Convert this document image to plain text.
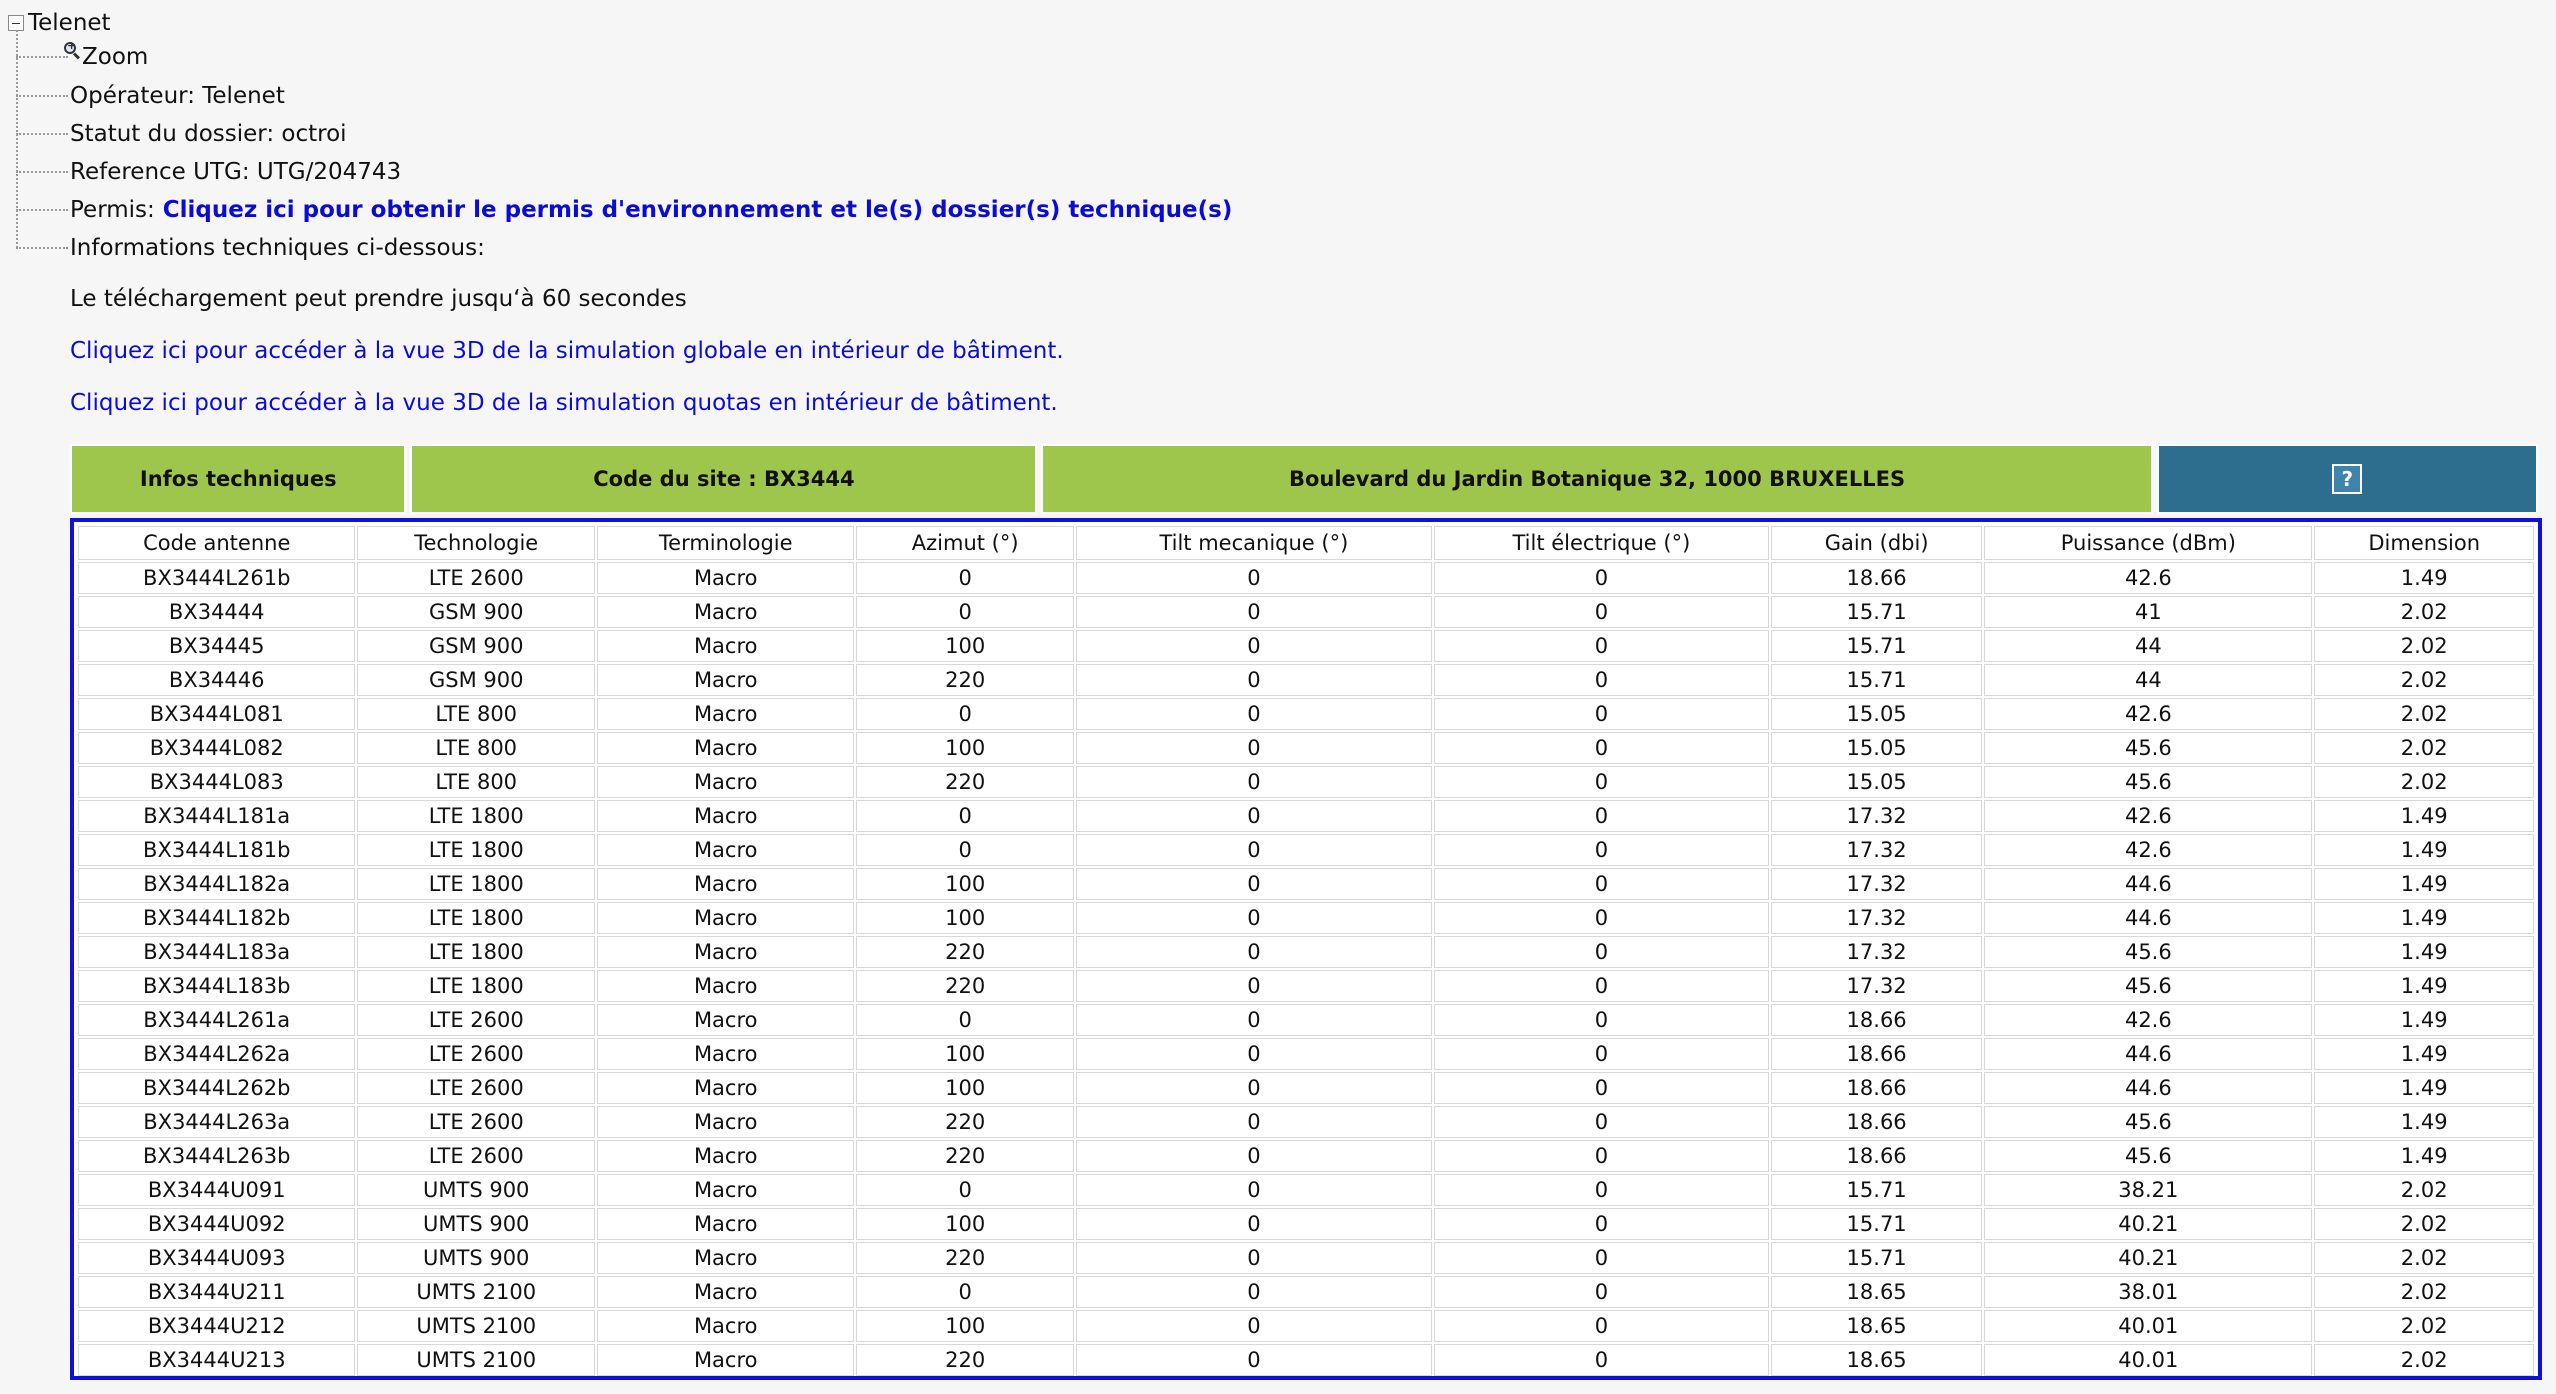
Telenet
+ Zoom
Opérateur: Telenet
Statut du dossier: octroi
Reference UTG: UTG/204743
Permis: Cliquez ici pour obtenir le permis d'environnement et le(s) dossier(s) technique(s)
Informations techniques ci-dessous:
Le téléchargement peut prendre jusqu‘à 60 secondes
Cliquez ici pour accéder à la vue 3D de la simulation globale en intérieur de bâtiment.
Cliquez ici pour accéder à la vue 3D de la simulation quotas en intérieur de bâtiment.
Infos techniques	Code du site : BX3444	Boulevard du Jardin Botanique 32, 1000 BRUXELLES	?
Code antenne	Technologie	Terminologie	Azimut (°)	Tilt mecanique (°)	Tilt électrique (°)	Gain (dbi)	Puissance (dBm)	Dimension
BX3444L261b	LTE 2600	Macro	0	0	0	18.66	42.6	1.49
BX34444	GSM 900	Macro	0	0	0	15.71	41	2.02
BX34445	GSM 900	Macro	100	0	0	15.71	44	2.02
BX34446	GSM 900	Macro	220	0	0	15.71	44	2.02
BX3444L081	LTE 800	Macro	0	0	0	15.05	42.6	2.02
BX3444L082	LTE 800	Macro	100	0	0	15.05	45.6	2.02
BX3444L083	LTE 800	Macro	220	0	0	15.05	45.6	2.02
BX3444L181a	LTE 1800	Macro	0	0	0	17.32	42.6	1.49
BX3444L181b	LTE 1800	Macro	0	0	0	17.32	42.6	1.49
BX3444L182a	LTE 1800	Macro	100	0	0	17.32	44.6	1.49
BX3444L182b	LTE 1800	Macro	100	0	0	17.32	44.6	1.49
BX3444L183a	LTE 1800	Macro	220	0	0	17.32	45.6	1.49
BX3444L183b	LTE 1800	Macro	220	0	0	17.32	45.6	1.49
BX3444L261a	LTE 2600	Macro	0	0	0	18.66	42.6	1.49
BX3444L262a	LTE 2600	Macro	100	0	0	18.66	44.6	1.49
BX3444L262b	LTE 2600	Macro	100	0	0	18.66	44.6	1.49
BX3444L263a	LTE 2600	Macro	220	0	0	18.66	45.6	1.49
BX3444L263b	LTE 2600	Macro	220	0	0	18.66	45.6	1.49
BX3444U091	UMTS 900	Macro	0	0	0	15.71	38.21	2.02
BX3444U092	UMTS 900	Macro	100	0	0	15.71	40.21	2.02
BX3444U093	UMTS 900	Macro	220	0	0	15.71	40.21	2.02
BX3444U211	UMTS 2100	Macro	0	0	0	18.65	38.01	2.02
BX3444U212	UMTS 2100	Macro	100	0	0	18.65	40.01	2.02
BX3444U213	UMTS 2100	Macro	220	0	0	18.65	40.01	2.02
